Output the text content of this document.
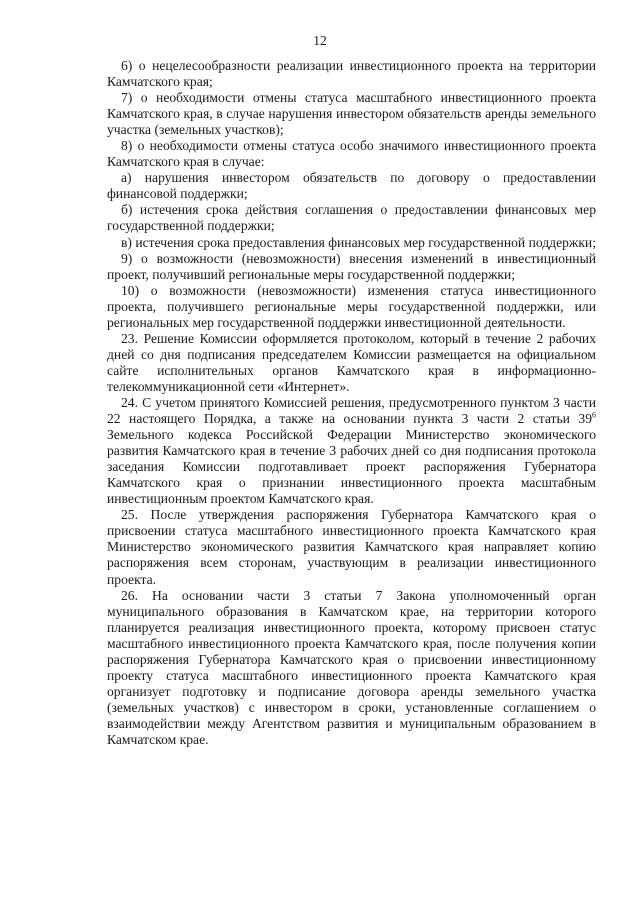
12

6) о нецелесообразности реализации инвестиционного проекта на территории Камчатского края;

7) о необходимости отмены статуса масштабного инвестиционного проекта Камчатского края, в случае нарушения инвестором обязательств аренды земельного участка (земельных участков);

8) о необходимости отмены статуса особо значимого инвестиционного проекта Камчатского края в случае:

а) нарушения инвестором обязательств по договору о предоставлении финансовой поддержки;

б) истечения срока действия соглашения о предоставлении финансовых мер государственной поддержки;

в) истечения срока предоставления финансовых мер государственной поддержки;

9) о возможности (невозможности) внесения изменений в инвестиционный проект, получивший региональные меры государственной поддержки;

10) о возможности (невозможности) изменения статуса инвестиционного проекта, получившего региональные меры государственной поддержки, или региональных мер государственной поддержки инвестиционной деятельности.

23. Решение Комиссии оформляется протоколом, который в течение 2 рабочих дней со дня подписания председателем Комиссии размещается на официальном сайте исполнительных органов Камчатского края в информационно-телекоммуникационной сети «Интернет».

24. С учетом принятого Комиссией решения, предусмотренного пунктом 3 части 22 настоящего Порядка, а также на основании пункта 3 части 2 статьи $39^6$ Земельного кодекса Российской Федерации Министерство экономического развития Камчатского края в течение 3 рабочих дней со дня подписания протокола заседания Комиссии подготавливает проект распоряжения Губернатора Камчатского края о признании инвестиционного проекта масштабным инвестиционным проектом Камчатского края.

25. После утверждения распоряжения Губернатора Камчатского края о присвоении статуса масштабного инвестиционного проекта Камчатского края Министерство экономического развития Камчатского края направляет копию распоряжения всем сторонам, участвующим в реализации инвестиционного проекта.

26. На основании части 3 статьи 7 Закона уполномоченный орган муниципального образования в Камчатском крае, на территории которого планируется реализация инвестиционного проекта, которому присвоен статус масштабного инвестиционного проекта Камчатского края, после получения копии распоряжения Губернатора Камчатского края о присвоении инвестиционному проекту статуса масштабного инвестиционного проекта Камчатского края организует подготовку и подписание договора аренды земельного участка (земельных участков) с инвестором в сроки, установленные соглашением о взаимодействии между Агентством развития и муниципальным образованием в Камчатском крае.
